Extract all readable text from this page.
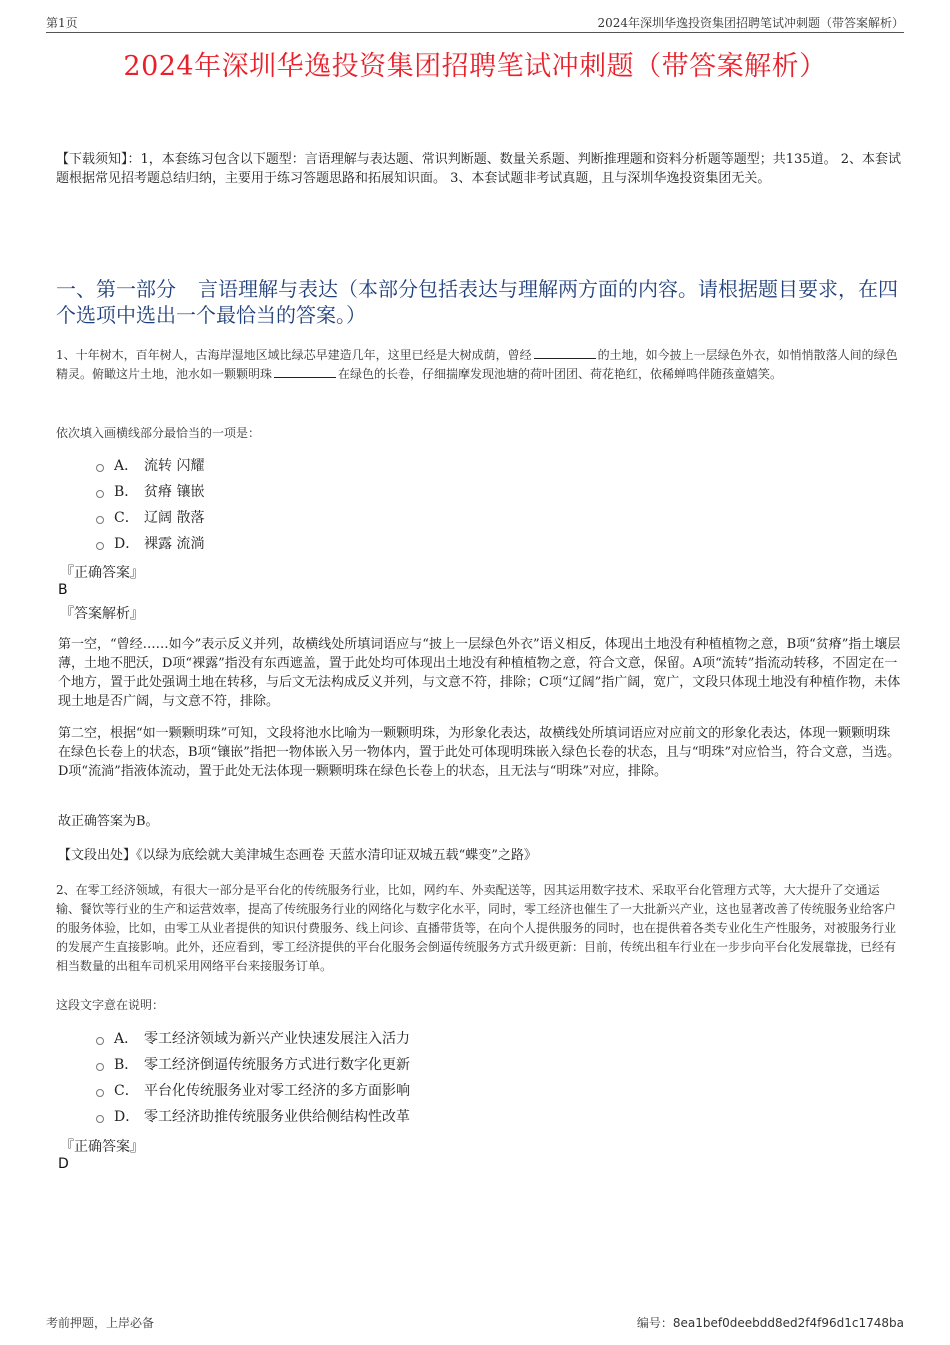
第1页	2024年深圳华逸投资集团招聘笔试冲刺题（带答案解析）
2024年深圳华逸投资集团招聘笔试冲刺题（带答案解析）
【下载须知】：1，本套练习包含以下题型：言语理解与表达题、常识判断题、数量关系题、判断推理题和资料分析题等题型；共135道。 2、本套试题根据常见招考题总结归纳，主要用于练习答题思路和拓展知识面。 3、本套试题非考试真题，且与深圳华逸投资集团无关。
一、第一部分 言语理解与表达（本部分包括表达与理解两方面的内容。请根据题目要求，在四个选项中选出一个最恰当的答案。）
1、十年树木，百年树人，古海岸湿地区域比绿芯早建造几年，这里已经是大树成荫，曾经	的土地，如今披上一层绿色外衣，如悄悄散落人间的绿色精灵。俯瞰这片土地，池水如一颗颗明珠	在绿色的长卷，仔细揣摩发现池塘的荷叶团团、荷花艳红，依稀蝉鸣伴随孩童嬉笑。
依次填入画横线部分最恰当的一项是：
A． 流转 闪耀
B． 贫瘠 镶嵌
C． 辽阔 散落
D． 裸露 流淌
『正确答案』
B
『答案解析』
第一空，“曾经……如今”表示反义并列，故横线处所填词语应与“披上一层绿色外衣”语义相反，体现出土地没有种植植物之意，B项“贫瘠”指土壤层薄，土地不肥沃，D项“裸露”指没有东西遮盖，置于此处均可体现出土地没有种植植物之意，符合文意，保留。A项“流转”指流动转移，不固定在一个地方，置于此处强调土地在转移，与后文无法构成反义并列，与文意不符，排除；C项“辽阔”指广阔，宽广，文段只体现土地没有种植作物，未体现土地是否广阔，与文意不符，排除。
第二空，根据“如一颗颗明珠”可知，文段将池水比喻为一颗颗明珠，为形象化表达，故横线处所填词语应对应前文的形象化表达，体现一颗颗明珠在绿色长卷上的状态，B项“镶嵌”指把一物体嵌入另一物体内，置于此处可体现明珠嵌入绿色长卷的状态，且与“明珠”对应恰当，符合文意，当选。D项“流淌”指液体流动，置于此处无法体现一颗颗明珠在绿色长卷上的状态，且无法与“明珠”对应，排除。
故正确答案为B。
【文段出处】《以绿为底绘就大美津城生态画卷 天蓝水清印证双城五载“蝶变”之路》
2、在零工经济领域，有很大一部分是平台化的传统服务行业，比如，网约车、外卖配送等，因其运用数字技术、采取平台化管理方式等，大大提升了交通运输、餐饮等行业的生产和运营效率，提高了传统服务行业的网络化与数字化水平，同时，零工经济也催生了一大批新兴产业，这也显著改善了传统服务业给客户的服务体验，比如，由零工从业者提供的知识付费服务、线上问诊、直播带货等，在向个人提供服务的同时，也在提供着各类专业化生产性服务，对被服务行业的发展产生直接影响。此外，还应看到，零工经济提供的平台化服务会倒逼传统服务方式升级更新：目前，传统出租车行业在一步步向平台化发展靠拢，已经有相当数量的出租车司机采用网络平台来接服务订单。
这段文字意在说明：
A． 零工经济领域为新兴产业快速发展注入活力
B． 零工经济倒逼传统服务方式进行数字化更新
C． 平台化传统服务业对零工经济的多方面影响
D． 零工经济助推传统服务业供给侧结构性改革
『正确答案』
D
考前押题，上岸必备	编号：8ea1bef0deebdd8ed2f4f96d1c1748ba
